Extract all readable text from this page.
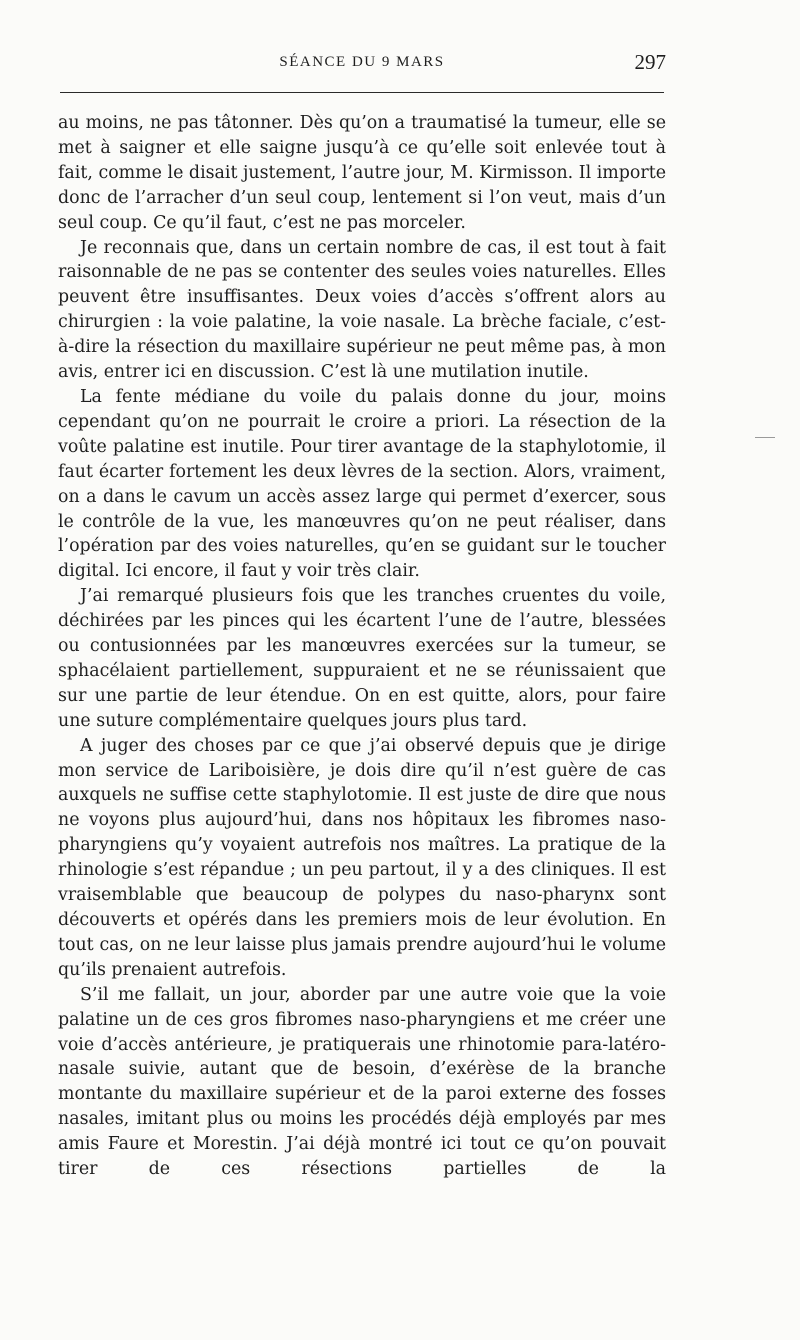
SÉANCE DU 9 MARS	297

au moins, ne pas tâtonner. Dès qu’on a traumatisé la tumeur, elle se met à saigner et elle saigne jusqu’à ce qu’elle soit enlevée tout à fait, comme le disait justement, l’autre jour, M. Kirmisson. Il importe donc de l’arracher d’un seul coup, lentement si l’on veut, mais d’un seul coup. Ce qu’il faut, c’est ne pas morceler.

Je reconnais que, dans un certain nombre de cas, il est tout à fait raisonnable de ne pas se contenter des seules voies naturelles. Elles peuvent être insuffisantes. Deux voies d’accès s’offrent alors au chirurgien : la voie palatine, la voie nasale. La brèche faciale, c’est-à-dire la résection du maxillaire supérieur ne peut même pas, à mon avis, entrer ici en discussion. C’est là une mutilation inutile.

La fente médiane du voile du palais donne du jour, moins cependant qu’on ne pourrait le croire a priori. La résection de la voûte palatine est inutile. Pour tirer avantage de la staphylotomie, il faut écarter fortement les deux lèvres de la section. Alors, vraiment, on a dans le cavum un accès assez large qui permet d’exercer, sous le contrôle de la vue, les manœuvres qu’on ne peut réaliser, dans l’opération par des voies naturelles, qu’en se guidant sur le toucher digital. Ici encore, il faut y voir très clair.

J’ai remarqué plusieurs fois que les tranches cruentes du voile, déchirées par les pinces qui les écartent l’une de l’autre, blessées ou contusionnées par les manœuvres exercées sur la tumeur, se sphacélaient partiellement, suppuraient et ne se réunissaient que sur une partie de leur étendue. On en est quitte, alors, pour faire une suture complémentaire quelques jours plus tard.

A juger des choses par ce que j’ai observé depuis que je dirige mon service de Lariboisière, je dois dire qu’il n’est guère de cas auxquels ne suffise cette staphylotomie. Il est juste de dire que nous ne voyons plus aujourd’hui, dans nos hôpitaux les fibromes naso-pharyngiens qu’y voyaient autrefois nos maîtres. La pratique de la rhinologie s’est répandue ; un peu partout, il y a des cliniques. Il est vraisemblable que beaucoup de polypes du naso-pharynx sont découverts et opérés dans les premiers mois de leur évolution. En tout cas, on ne leur laisse plus jamais prendre aujourd’hui le volume qu’ils prenaient autrefois.

S’il me fallait, un jour, aborder par une autre voie que la voie palatine un de ces gros fibromes naso-pharyngiens et me créer une voie d’accès antérieure, je pratiquerais une rhinotomie para-latéro-nasale suivie, autant que de besoin, d’exérèse de la branche montante du maxillaire supérieur et de la paroi externe des fosses nasales, imitant plus ou moins les procédés déjà employés par mes amis Faure et Morestin. J’ai déjà montré ici tout ce qu’on pouvait tirer de ces résections partielles de la
